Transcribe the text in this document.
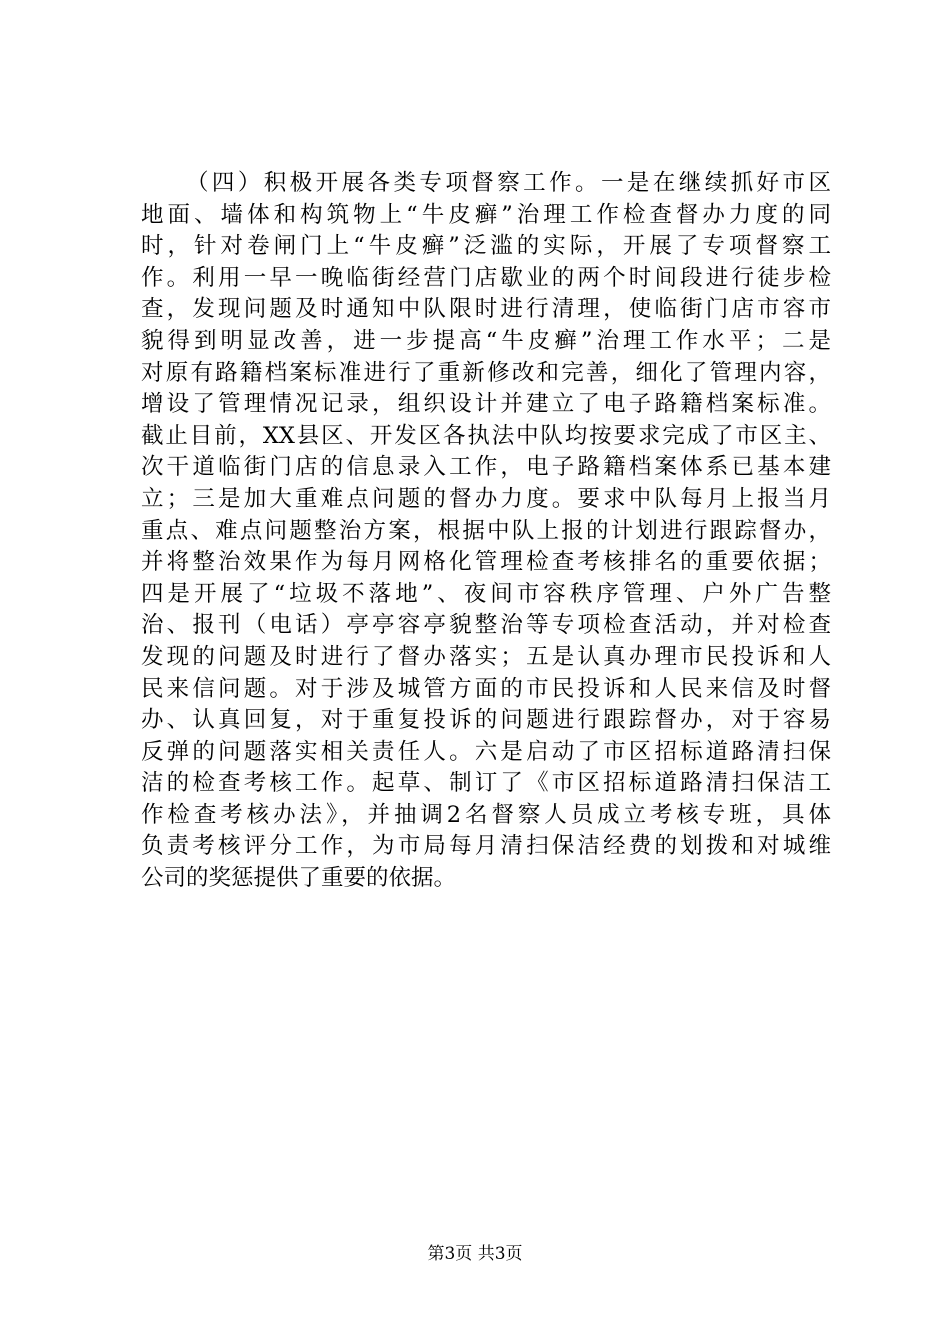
（四）积极开展各类专项督察工作。一是在继续抓好市区
地面、墙体和构筑物上“牛皮癣”治理工作检查督办力度的同
时，针对卷闸门上“牛皮癣”泛滥的实际，开展了专项督察工
作。利用一早一晚临街经营门店歇业的两个时间段进行徒步检
查，发现问题及时通知中队限时进行清理，使临街门店市容市
貌得到明显改善，进一步提高“牛皮癣”治理工作水平；二是
对原有路籍档案标准进行了重新修改和完善，细化了管理内容，
增设了管理情况记录，组织设计并建立了电子路籍档案标准。
截止目前，XX县区、开发区各执法中队均按要求完成了市区主、
次干道临街门店的信息录入工作，电子路籍档案体系已基本建
立；三是加大重难点问题的督办力度。要求中队每月上报当月
重点、难点问题整治方案，根据中队上报的计划进行跟踪督办，
并将整治效果作为每月网格化管理检查考核排名的重要依据；
四是开展了“垃圾不落地”、夜间市容秩序管理、户外广告整
治、报刊（电话）亭亭容亭貌整治等专项检查活动，并对检查
发现的问题及时进行了督办落实；五是认真办理市民投诉和人
民来信问题。对于涉及城管方面的市民投诉和人民来信及时督
办、认真回复，对于重复投诉的问题进行跟踪督办，对于容易
反弹的问题落实相关责任人。六是启动了市区招标道路清扫保
洁的检查考核工作。起草、制订了《市区招标道路清扫保洁工
作检查考核办法》，并抽调2名督察人员成立考核专班，具体
负责考核评分工作，为市局每月清扫保洁经费的划拨和对城维
公司的奖惩提供了重要的依据。
第3页 共3页
